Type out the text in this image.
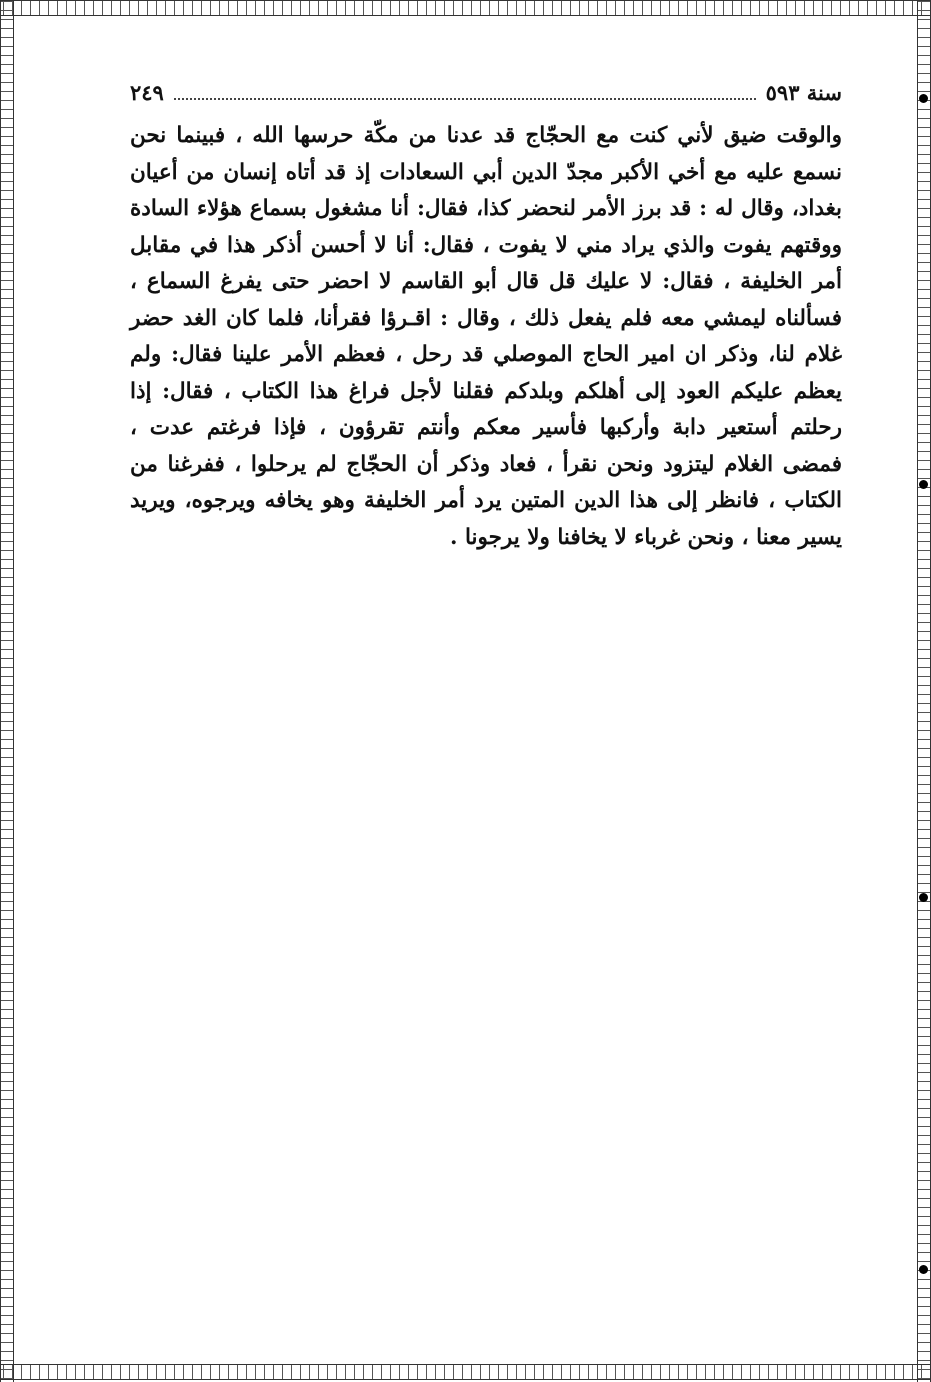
سنة ٥٩٣
٢٤٩

والوقت ضيق لأني كنت مع الحجّاج قد عدنا من مكّة حرسها الله ، فبينما نحن نسمع عليه مع أخي الأكبر مجدّ الدين أبي السعادات إذ قد أتاه إنسان من أعيان بغداد، وقال له : قد برز الأمر لنحضر كذا، فقال: أنا مشغول بسماع هؤلاء السادة ووقتهم يفوت والذي يراد مني لا يفوت ، فقال: أنا لا أحسن أذكر هذا في مقابل أمر الخليفة ، فقال: لا عليك قل قال أبو القاسم لا احضر حتى يفرغ السماع ، فسألناه ليمشي معه فلم يفعل ذلك ، وقال : اقـرؤا فقرأنا، فلما كان الغد حضر غلام لنا، وذكر ان امير الحاج الموصلي قد رحل ، فعظم الأمر علينا فقال: ولم يعظم عليكم العود إلى أهلكم وبلدكم فقلنا لأجل فراغ هذا الكتاب ، فقال: إذا رحلتم أستعير دابة وأركبها فأسير معكم وأنتم تقرؤون ، فإذا فرغتم عدت ، فمضى الغلام ليتزود ونحن نقرأ ، فعاد وذكر أن الحجّاج لم يرحلوا ، ففرغنا من الكتاب ، فانظر إلى هذا الدين المتين يرد أمر الخليفة وهو يخافه ويرجوه، ويريد يسير معنا ، ونحن غرباء لا يخافنا ولا يرجونا .
